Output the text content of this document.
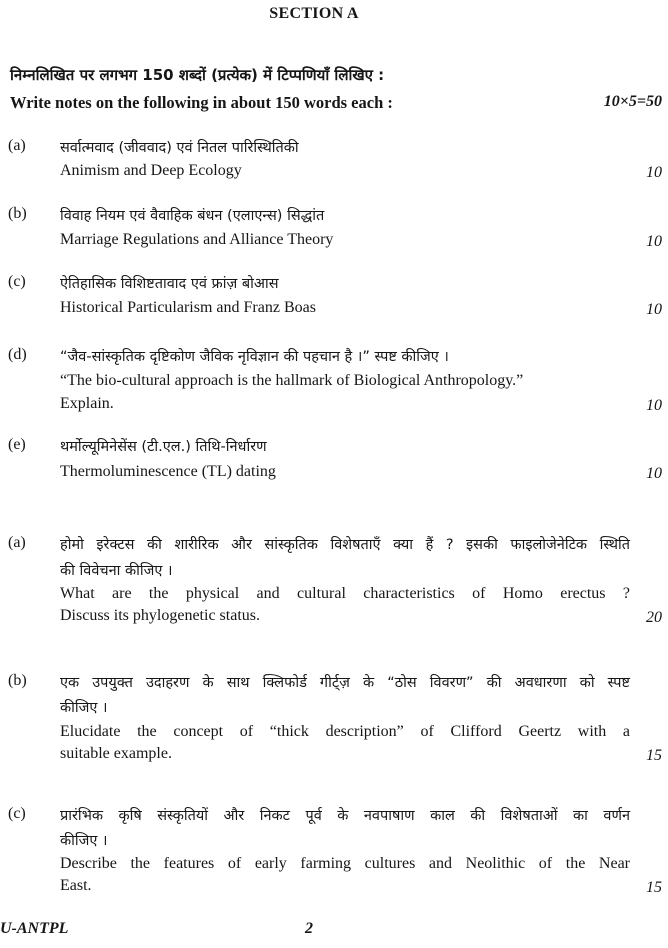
SECTION A
निम्नलिखित पर लगभग 150 शब्दों (प्रत्येक) में टिप्पणियाँ लिखिए :
Write notes on the following in about 150 words each :	10×5=50
(a) सर्वात्मवाद (जीववाद) एवं नितल पारिस्थितिकी
Animism and Deep Ecology	10
(b) विवाह नियम एवं वैवाहिक बंधन (एलाएन्स) सिद्धांत
Marriage Regulations and Alliance Theory	10
(c) ऐतिहासिक विशिष्टतावाद एवं फ्रांज़ बोआस
Historical Particularism and Franz Boas	10
(d) “जैव-सांस्कृतिक दृष्टिकोण जैविक नृविज्ञान की पहचान है ।” स्पष्ट कीजिए ।
“The bio-cultural approach is the hallmark of Biological Anthropology.”
Explain.	10
(e) थर्मोल्यूमिनेसेंस (टी.एल.) तिथि-निर्धारण
Thermoluminescence (TL) dating	10
(a) होमो इरेक्टस की शारीरिक और सांस्कृतिक विशेषताएँ क्या हैं ? इसकी फाइलोजेनेटिक स्थिति
की विवेचना कीजिए ।
What are the physical and cultural characteristics of Homo erectus ?
Discuss its phylogenetic status.	20
(b) एक उपयुक्त उदाहरण के साथ क्लिफोर्ड गीर्ट्ज़ के “ठोस विवरण” की अवधारणा को स्पष्ट
कीजिए ।
Elucidate the concept of “thick description” of Clifford Geertz with a
suitable example.	15
(c) प्रारंभिक कृषि संस्कृतियों और निकट पूर्व के नवपाषाण काल की विशेषताओं का वर्णन
कीजिए ।
Describe the features of early farming cultures and Neolithic of the Near
East.	15
U-ANTPL	2
